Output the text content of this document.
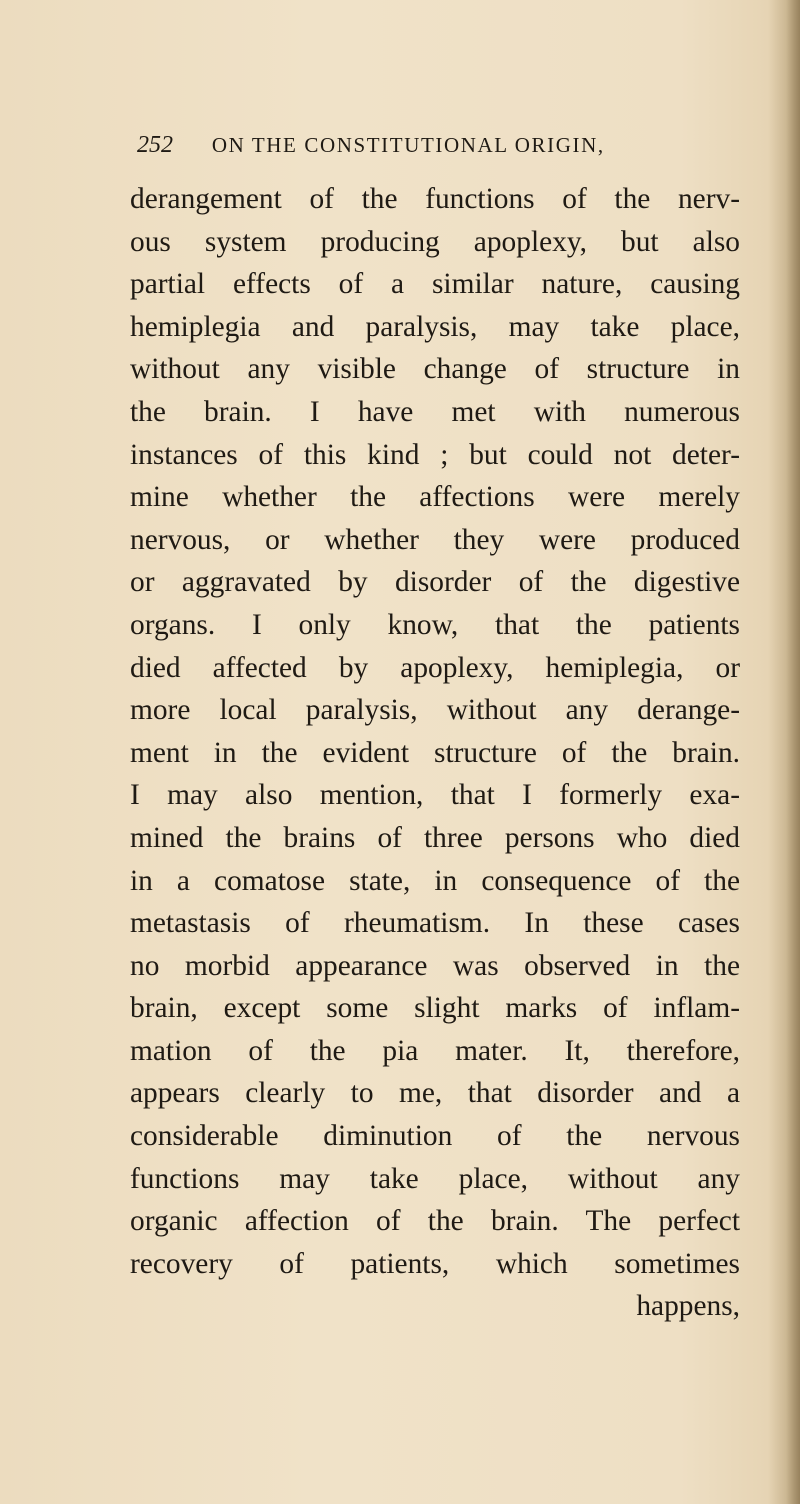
252 ON THE CONSTITUTIONAL ORIGIN,
derangement of the functions of the nerv-
ous system producing apoplexy, but also
partial effects of a similar nature, causing
hemiplegia and paralysis, may take place,
without any visible change of structure in
the brain. I have met with numerous
instances of this kind ; but could not deter-
mine whether the affections were merely
nervous, or whether they were produced
or aggravated by disorder of the digestive
organs. I only know, that the patients
died affected by apoplexy, hemiplegia, or
more local paralysis, without any derange-
ment in the evident structure of the brain.
I may also mention, that I formerly exa-
mined the brains of three persons who died
in a comatose state, in consequence of the
metastasis of rheumatism. In these cases
no morbid appearance was observed in the
brain, except some slight marks of inflam-
mation of the pia mater. It, therefore,
appears clearly to me, that disorder and a
considerable diminution of the nervous
functions may take place, without any
organic affection of the brain. The perfect
recovery of patients, which sometimes
happens,
